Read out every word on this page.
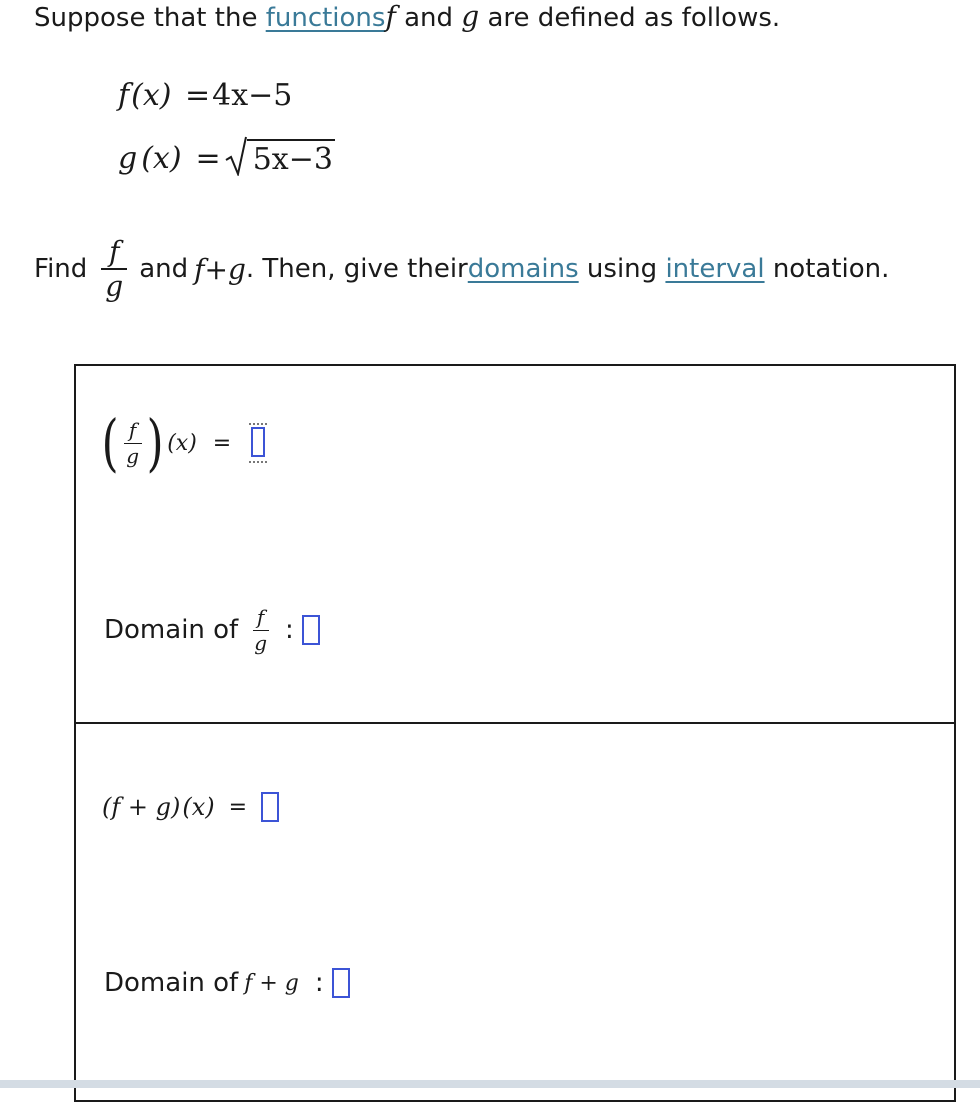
Suppose that the functionsf and g are defined as follows.
f(x) =4x−5
g (x) = 5x−3
Find $\frac{f}{g}$ and f+g . Then, give their domains using interval notation.
( $\frac{f}{g}$ ) (x) =
Domain of $\frac{f}{g}$ :
(f + g) (x) =
Domain of f + g :
